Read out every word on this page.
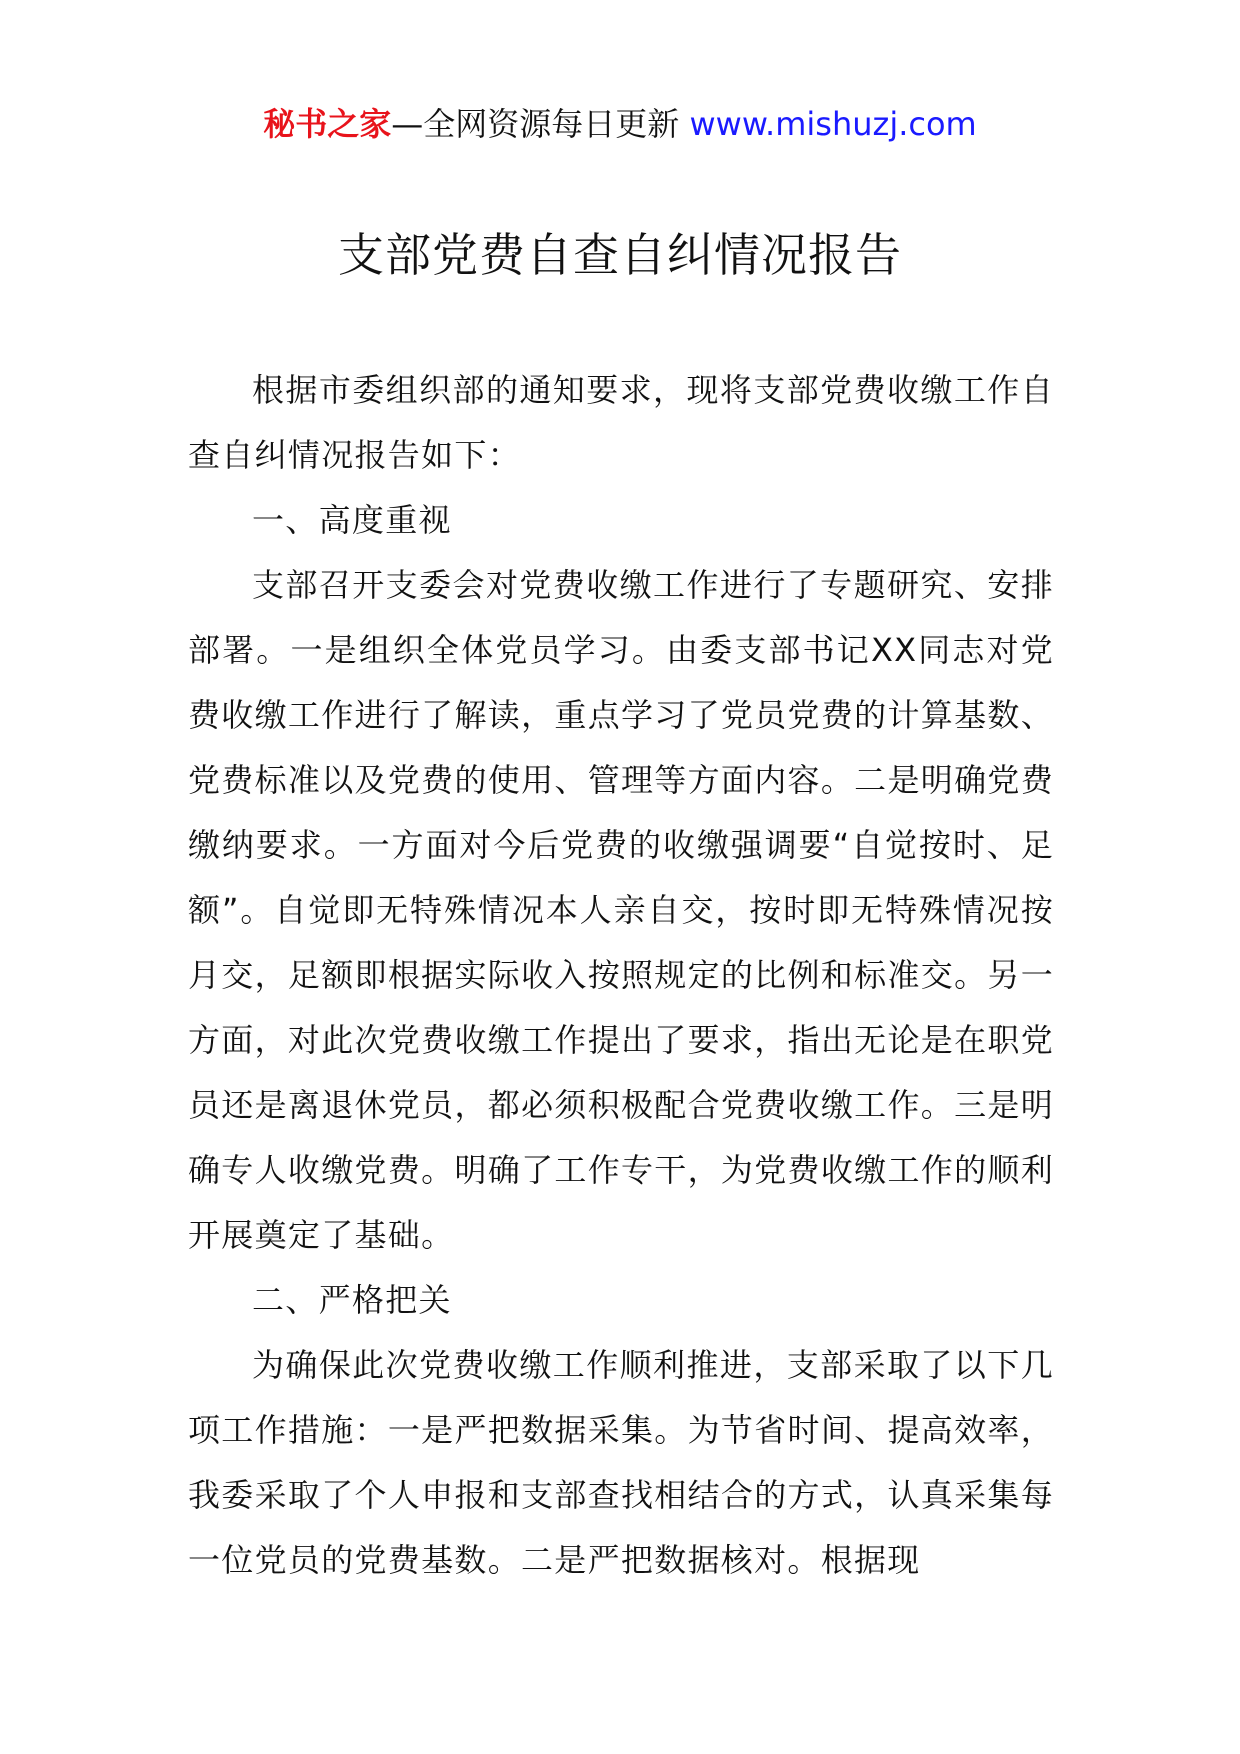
秘书之家—全网资源每日更新 www.mishuzj.com
支部党费自查自纠情况报告

根据市委组织部的通知要求，现将支部党费收缴工作自查自纠情况报告如下：

一、高度重视

支部召开支委会对党费收缴工作进行了专题研究、安排部署。一是组织全体党员学习。由委支部书记XX同志对党费收缴工作进行了解读，重点学习了党员党费的计算基数、党费标准以及党费的使用、管理等方面内容。二是明确党费缴纳要求。一方面对今后党费的收缴强调要“自觉按时、足额”。自觉即无特殊情况本人亲自交，按时即无特殊情况按月交，足额即根据实际收入按照规定的比例和标准交。另一方面，对此次党费收缴工作提出了要求，指出无论是在职党员还是离退休党员，都必须积极配合党费收缴工作。三是明确专人收缴党费。明确了工作专干，为党费收缴工作的顺利开展奠定了基础。

二、严格把关

为确保此次党费收缴工作顺利推进，支部采取了以下几项工作措施：一是严把数据采集。为节省时间、提高效率，我委采取了个人申报和支部查找相结合的方式，认真采集每一位党员的党费基数。二是严把数据核对。根据现
